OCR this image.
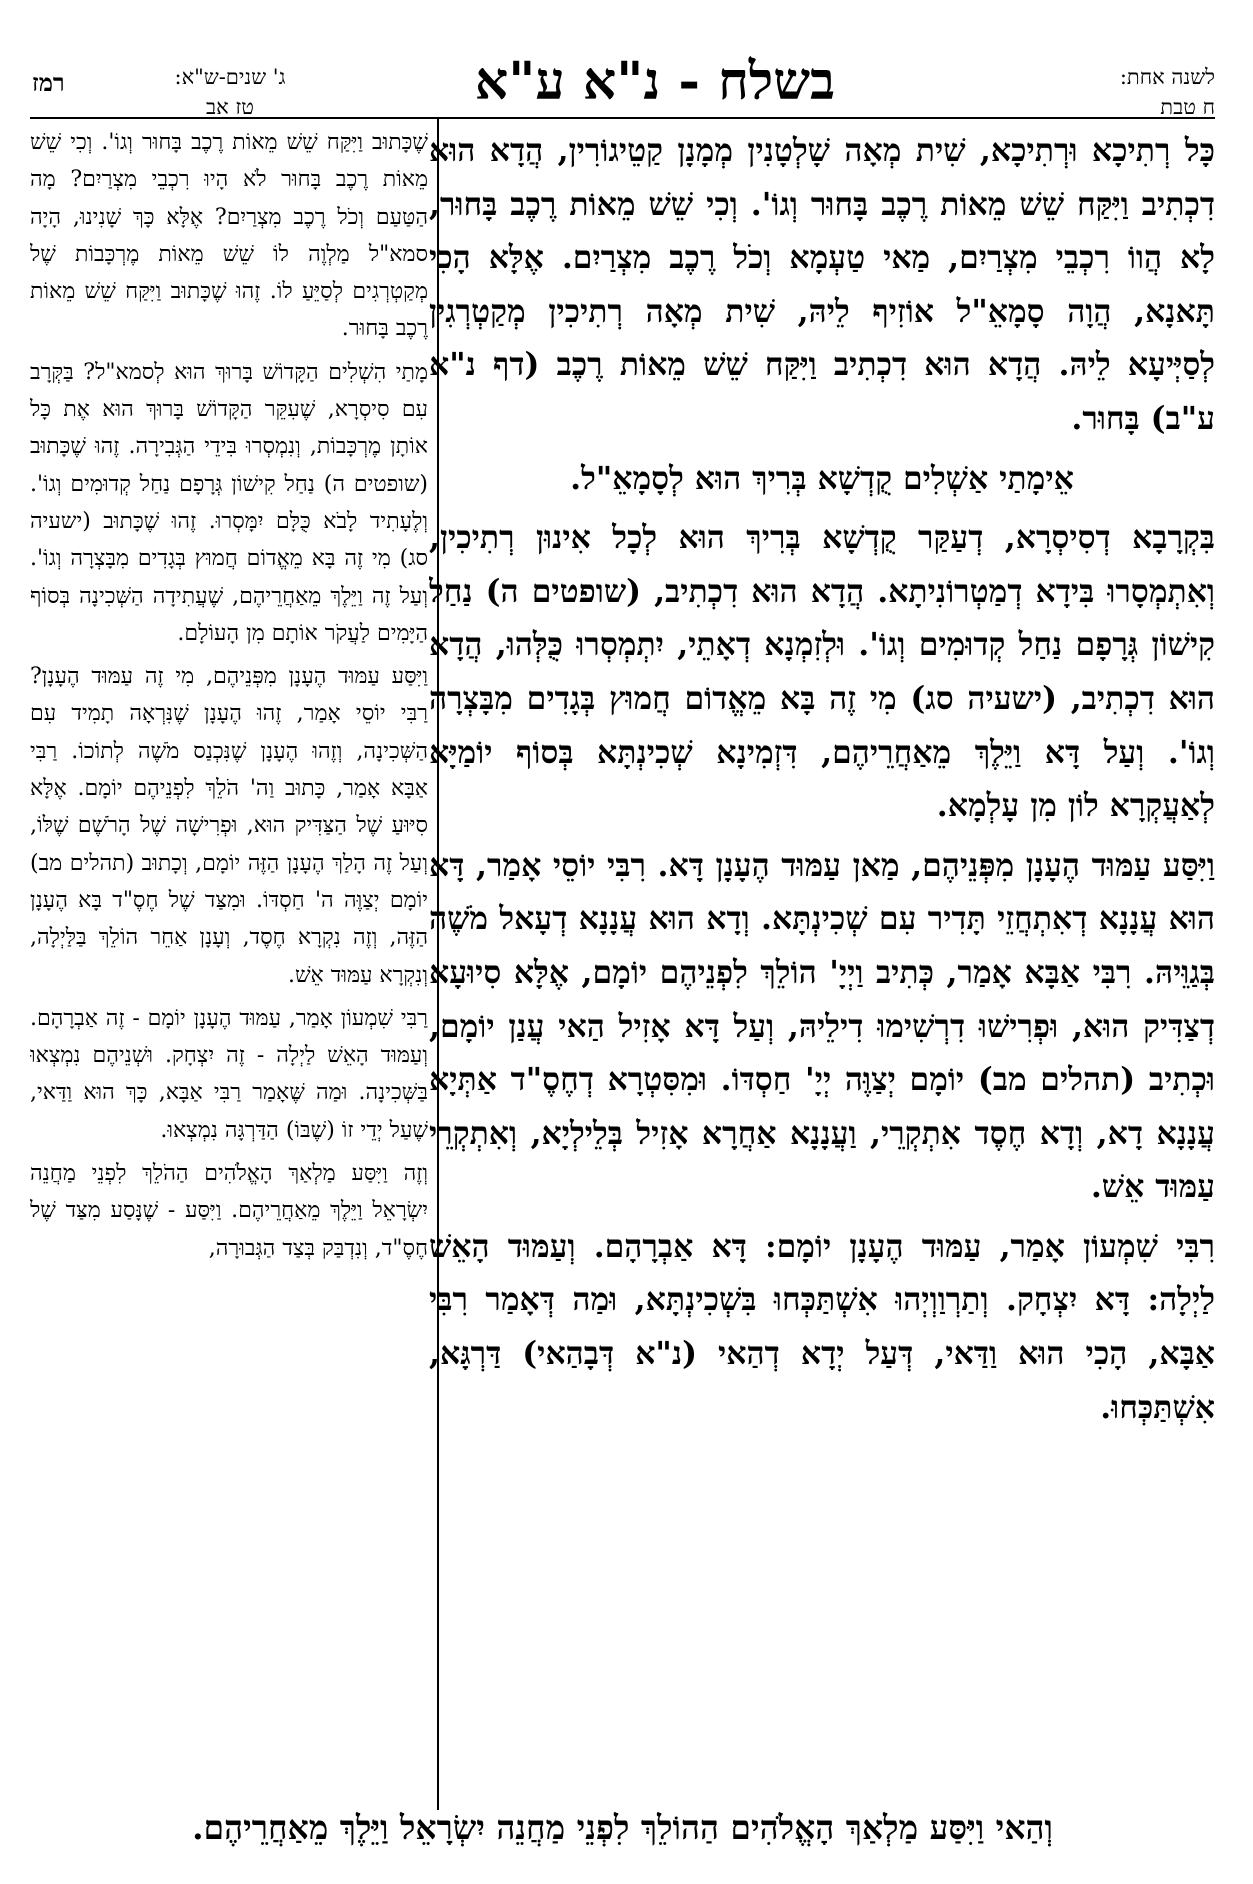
לשנה אחת:
ח טבת
בשלח - נ"א ע"א
ג' שנים-ש"א:
טז אב
רמז

כָּל רְתִיכָא וּרְתִיכָא, שִׁית מְאָה שָׁלְטָנִין מְמָנָן קַטֵיגוֹרִין, הֲדָא הוּא דִכְתִיב וַיִּקַּח שֵׁשׁ מֵאוֹת רֶכֶב בָּחוּר וְגוֹ'. וְכִי שֵׁשׁ מֵאוֹת רֶכֶב בָּחוּר, לָא הֲווֹ רִכְבֵי מִצְרַיִם, מַאי טַעְמָא וְכֹל רֶכֶב מִצְרַיִם. אֶלָּא הָכִי תָּאנָא, הֲוָה סָמָאֵ"ל אוֹזִיף לֵיהּ, שִׁית מְאָה רְתִיכִין מְקַטְרְגִין לְסַיְּיעָא לֵיהּ. הֲדָא הוּא דִכְתִיב וַיִּקַּח שֵׁשׁ מֵאוֹת רֶכֶב (דף נ"א ע"ב) בָּחוּר.

אֵימָתַי אַשְׁלִים קֻדְשָׁא בְּרִיךְ הוּא לְסָמָאֵ"ל.

בִּקְרָבָא דְסִיסְרָא, דְעַקַּר קֻדְשָׁא בְּרִיךְ הוּא לְכָל אִינוּן רְתִיכִין, וְאִתְמְסָרוּ בִּידָא דְמַטְרוֹנִיתָא. הֲדָא הוּא דִכְתִיב, (שופטים ה) נַחַל קִישׁוֹן גְּרָפָם נַחַל קְדוּמִים וְגוֹ'. וּלְזִמְנָא דְאָתֵי, יִתְמְסְרוּ כֻּלְּהוּ, הֲדָא הוּא דִכְתִיב, (ישעיה סג) מִי זֶה בָּא מֵאֱדוֹם חֲמוּץ בְּגָדִים מִבָּצְרָה וְגוֹ'. וְעַל דָּא וַיֵּלֶךְ מֵאַחֲרֵיהֶם, דִּזְמִינָא שְׁכִינְתָּא בְּסוֹף יוֹמַיָּא לְאַעֲקְרָא לוֹן מִן עָלְמָא.

וַיִּסַּע עַמּוּד הֶעָנָן מִפְּנֵיהֶם, מַאן עַמּוּד הֶעָנָן דָּא. רִבִּי יוֹסֵי אָמַר, דָּא הוּא עֲנָנָא דְאִתְחֲזֵי תָּדִיר עִם שְׁכִינְתָּא. וְדָא הוּא עֲנָנָא דְעָאל מֹשֶׁה בְּגַוֵּיהּ. רִבִּי אַבָּא אָמַר, כְּתִיב וַיְיָ' הוֹלֵךְ לִפְנֵיהֶם יוֹמָם, אֶלָּא סִיוּעָא דְצַדִּיק הוּא, וּפְרִישׁוּ דִרְשִׁימוּ דִילֵיהּ, וְעַל דָּא אָזִיל הַאי עֲנַן יוֹמָם, וּכְתִיב (תהלים מב) יוֹמָם יְצַוֶּה יְיָ' חַסְדּוֹ. וּמִסִּטְרָא דְחֶסֶ"ד אַתְּיָא עֲנָנָא דָא, וְדָא חֶסֶד אִתְקְרֵי, וַעֲנָנָא אַחֲרָא אָזִיל בְּלֵילְיָא, וְאִתְקְרֵי עַמּוּד אֵשׁ.

רִבִּי שִׁמְעוֹן אָמַר, עַמּוּד הֶעָנָן יוֹמָם: דָּא אַבְרָהָם. וְעַמּוּד הָאֵשׁ לַיְלָה: דָּא יִצְחָק. וְתַרְוַוְיְהוּ אִשְׁתַּכְּחוּ בִּשְׁכִינְתָּא, וּמַה דְּאָמַר רִבִּי אַבָּא, הָכִי הוּא וַדַּאי, דְּעַל יְדָא דְהַאי (נ"א דְּבָהַאי) דַּרְגָּא, אִשְׁתַּכְּחוּ.

שֶׁכָּתוּב וַיִּקַּח שֵׁשׁ מֵאוֹת רֶכֶב בָּחוּר וְגוֹ'. וְכִי שֵׁשׁ מֵאוֹת רֶכֶב בָּחוּר לֹא הָיוּ רִכְבֵי מִצְרַיִם? מָה הַטַּעַם וְכֹל רֶכֶב מִצְרַיִם? אֶלָּא כָּךְ שָׁנִינוּ, הָיָה סמא"ל מַלְוֶה לוֹ שֵׁשׁ מֵאוֹת מֶרְכָּבוֹת שֶׁל מְקַטְרְגִים לְסַיֵּעַ לוֹ. זֶהוּ שֶׁכָּתוּב וַיִּקַּח שֵׁשׁ מֵאוֹת רֶכֶב בָּחוּר.

מָתַי הִשְׁלִים הַקָּדוֹשׁ בָּרוּךְ הוּא לְסמא"ל? בַּקְּרָב עִם סִיסְרָא, שֶׁעִקֵּר הַקָּדוֹשׁ בָּרוּךְ הוּא אֶת כָּל אוֹתָן מֶרְכָּבוֹת, וְנִמְסְרוּ בִּידֵי הַגְּבִירָה. זֶהוּ שֶׁכָּתוּב (שופטים ה) נַחַל קִישׁוֹן גְּרָפָם נַחַל קְדוּמִים וְגוֹ'. וְלֶעָתִיד לָבֹא כֻּלָּם יִמָּסְרוּ. זֶהוּ שֶׁכָּתוּב (ישעיה סג) מִי זֶה בָּא מֵאֱדוֹם חֲמוּץ בְּגָדִים מִבָּצְרָה וְגוֹ'. וְעַל זֶה וַיֵּלֶךְ מֵאַחֲרֵיהֶם, שֶׁעֲתִידָה הַשְּׁכִינָה בְּסוֹף הַיָּמִים לַעֲקֹר אוֹתָם מִן הָעוֹלָם.

וַיִּסַּע עַמּוּד הֶעָנָן מִפְּנֵיהֶם, מִי זֶה עַמּוּד הֶעָנָן? רַבִּי יוֹסֵי אָמַר, זֶהוּ הֶעָנָן שֶׁנִּרְאָה תָמִיד עִם הַשְּׁכִינָה, וְזֶהוּ הֶעָנָן שֶׁנִּכְנַס מֹשֶׁה לְתוֹכוֹ. רַבִּי אַבָּא אָמַר, כָּתוּב וַה' הֹלֵךְ לִפְנֵיהֶם יוֹמָם. אֶלָּא סִיּוּעַ שֶׁל הַצַּדִּיק הוּא, וּפְרִישָׁה שֶׁל הָרֹשֶׁם שֶׁלּוֹ, וְעַל זֶה הָלַךְ הֶעָנָן הַזֶּה יוֹמָם, וְכָתוּב (תהלים מב) יוֹמָם יְצַוֶּה ה' חַסְדּוֹ. וּמִצַּד שֶׁל חֶסֶ"ד בָּא הֶעָנָן הַזֶּה, וְזֶה נִקְרָא חֶסֶד, וְעָנָן אַחֵר הוֹלֵךְ בַּלַּיְלָה, וְנִקְרָא עַמּוּד אֵשׁ.

רַבִּי שִׁמְעוֹן אָמַר, עַמּוּד הֶעָנָן יוֹמָם - זֶה אַבְרָהָם. וְעַמּוּד הָאֵשׁ לַיְלָה - זֶה יִצְחָק. וּשְׁנֵיהֶם נִמְצְאוּ בַּשְּׁכִינָה. וּמַה שֶּׁאָמַר רַבִּי אַבָּא, כָּךְ הוּא וַדַּאי, שֶׁעַל יְדֵי זוֹ (שֶׁבּוֹ) הַדַּרְגָּה נִמְצְאוּ.

וְזֶה וַיִּסַּע מַלְאַךְ הָאֱלֹהִים הַהֹלֵךְ לִפְנֵי מַחֲנֵה יִשְׂרָאֵל וַיֵּלֶךְ מֵאַחֲרֵיהֶם. וַיִּסַּע - שֶׁנָּסַע מִצַּד שֶׁל חֶסֶ"ד, וְנִדְבַּק בְּצַד הַגְּבוּרָה,

וְהַאי וַיִּסַּע מַלְאַךְ הָאֱלֹהִים הַהוֹלֵךְ לִפְנֵי מַחֲנֵה יִשְׂרָאֵל וַיֵּלֶךְ מֵאַחֲרֵיהֶם.
